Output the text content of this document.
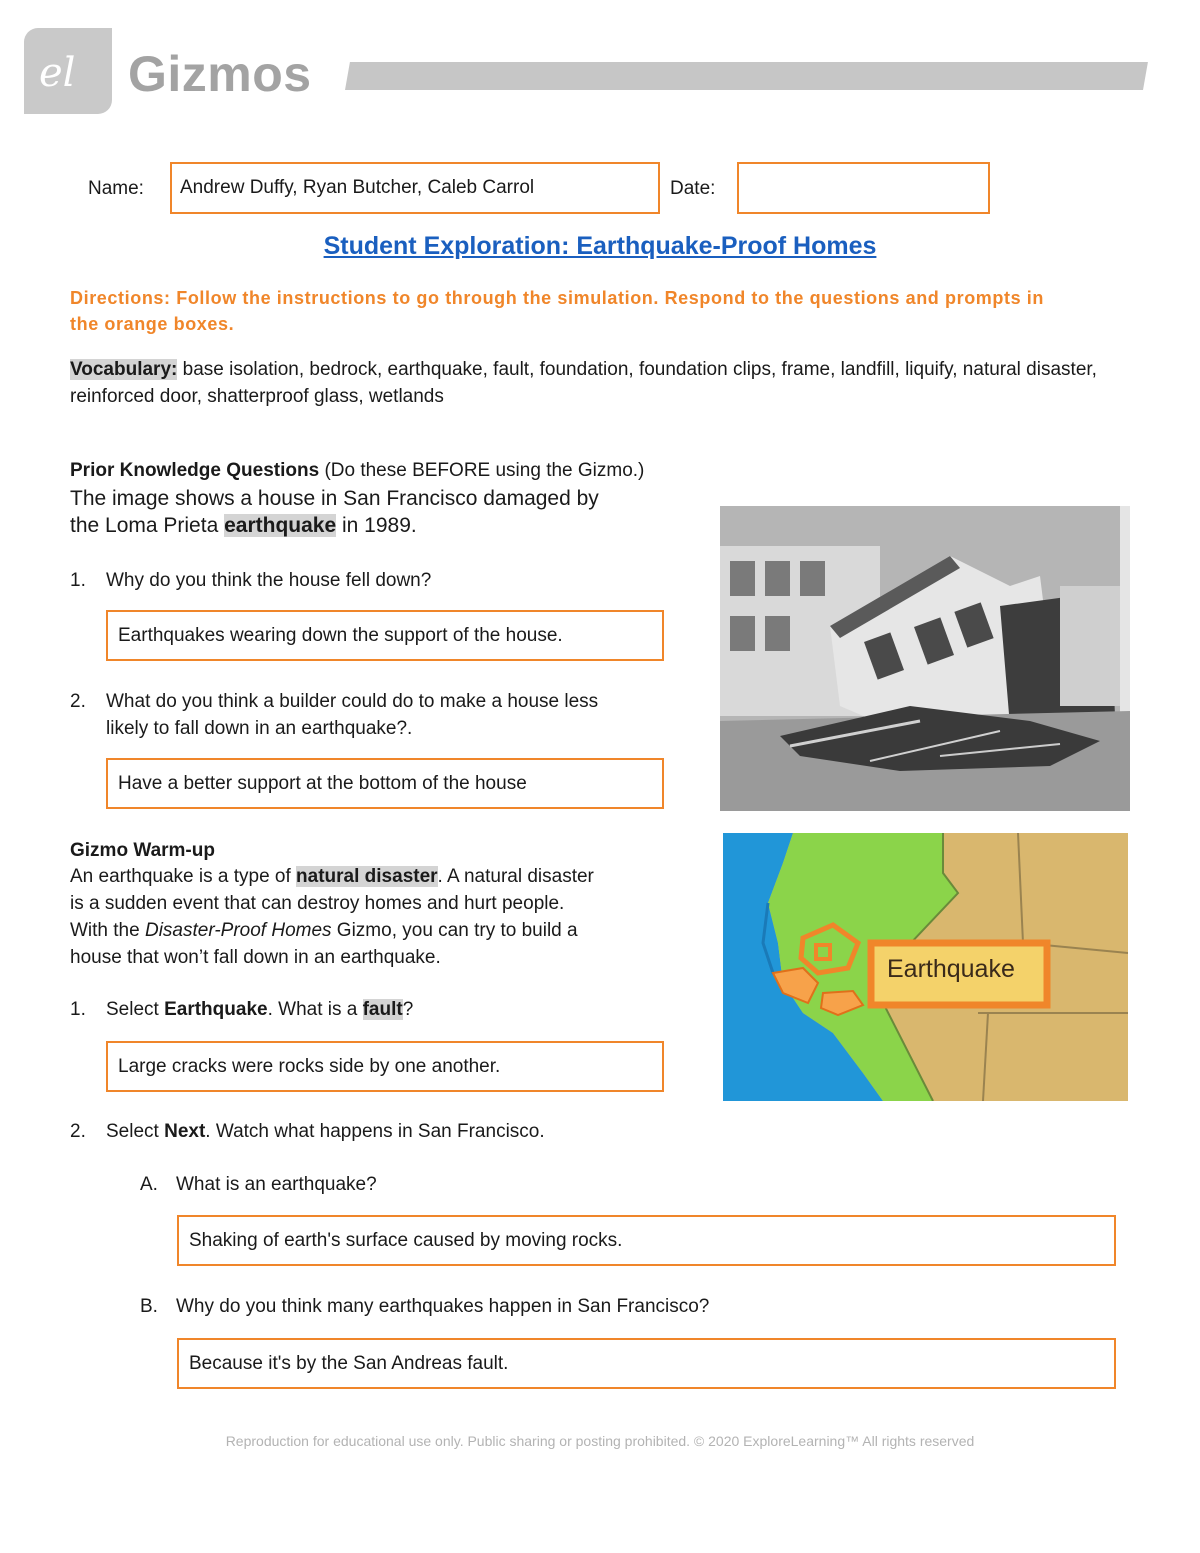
el Gizmos
Name:	Andrew Duffy, Ryan Butcher, Caleb Carrol	Date:
Student Exploration: Earthquake-Proof Homes
Directions: Follow the instructions to go through the simulation. Respond to the questions and prompts in the orange boxes.
Vocabulary: base isolation, bedrock, earthquake, fault, foundation, foundation clips, frame, landfill, liquify, natural disaster, reinforced door, shatterproof glass, wetlands
Prior Knowledge Questions (Do these BEFORE using the Gizmo.)
The image shows a house in San Francisco damaged by
the Loma Prieta earthquake in 1989.
1. Why do you think the house fell down?
Earthquakes wearing down the support of the house.
2. What do you think a builder could do to make a house less
likely to fall down in an earthquake?.
Have a better support at the bottom of the house
Gizmo Warm-up
An earthquake is a type of natural disaster. A natural disaster
is a sudden event that can destroy homes and hurt people.
With the Disaster-Proof Homes Gizmo, you can try to build a
house that won’t fall down in an earthquake.
1. Select Earthquake. What is a fault?
Large cracks were rocks side by one another.
2. Select Next. Watch what happens in San Francisco.
A. What is an earthquake?
Shaking of earth's surface caused by moving rocks.
B. Why do you think many earthquakes happen in San Francisco?
Because it's by the San Andreas fault.
Earthquake
Reproduction for educational use only. Public sharing or posting prohibited. © 2020 ExploreLearning™ All rights reserved
